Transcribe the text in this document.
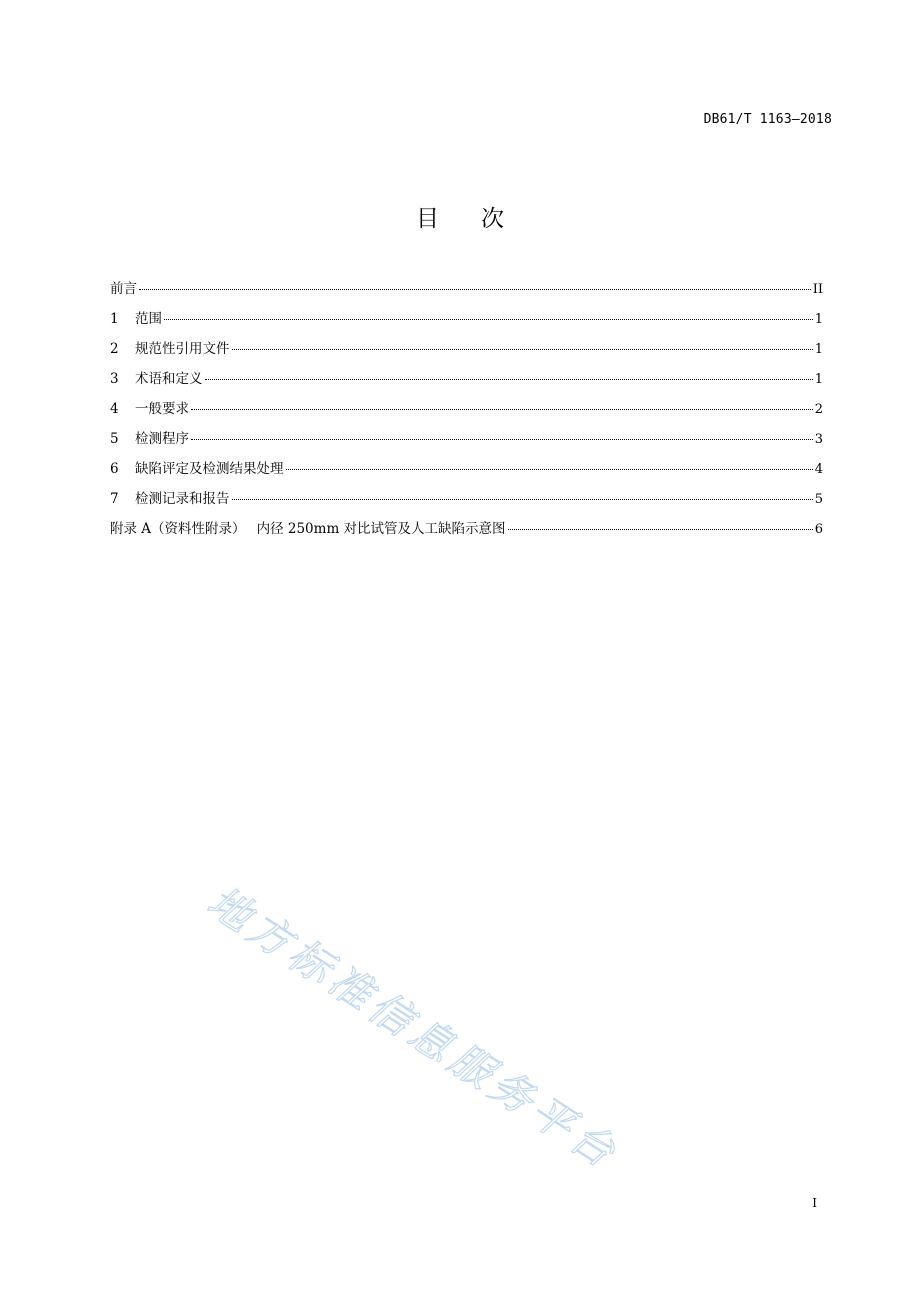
DB61/T 1163—2018
目 次
前言	II
1	范围	1
2	规范性引用文件	1
3	术语和定义	1
4	一般要求	2
5	检测程序	3
6	缺陷评定及检测结果处理	4
7	检测记录和报告	5
附录 A（资料性附录）　 内径 250mm 对比试管及人工缺陷示意图	6
地方标准信息服务平台
I
